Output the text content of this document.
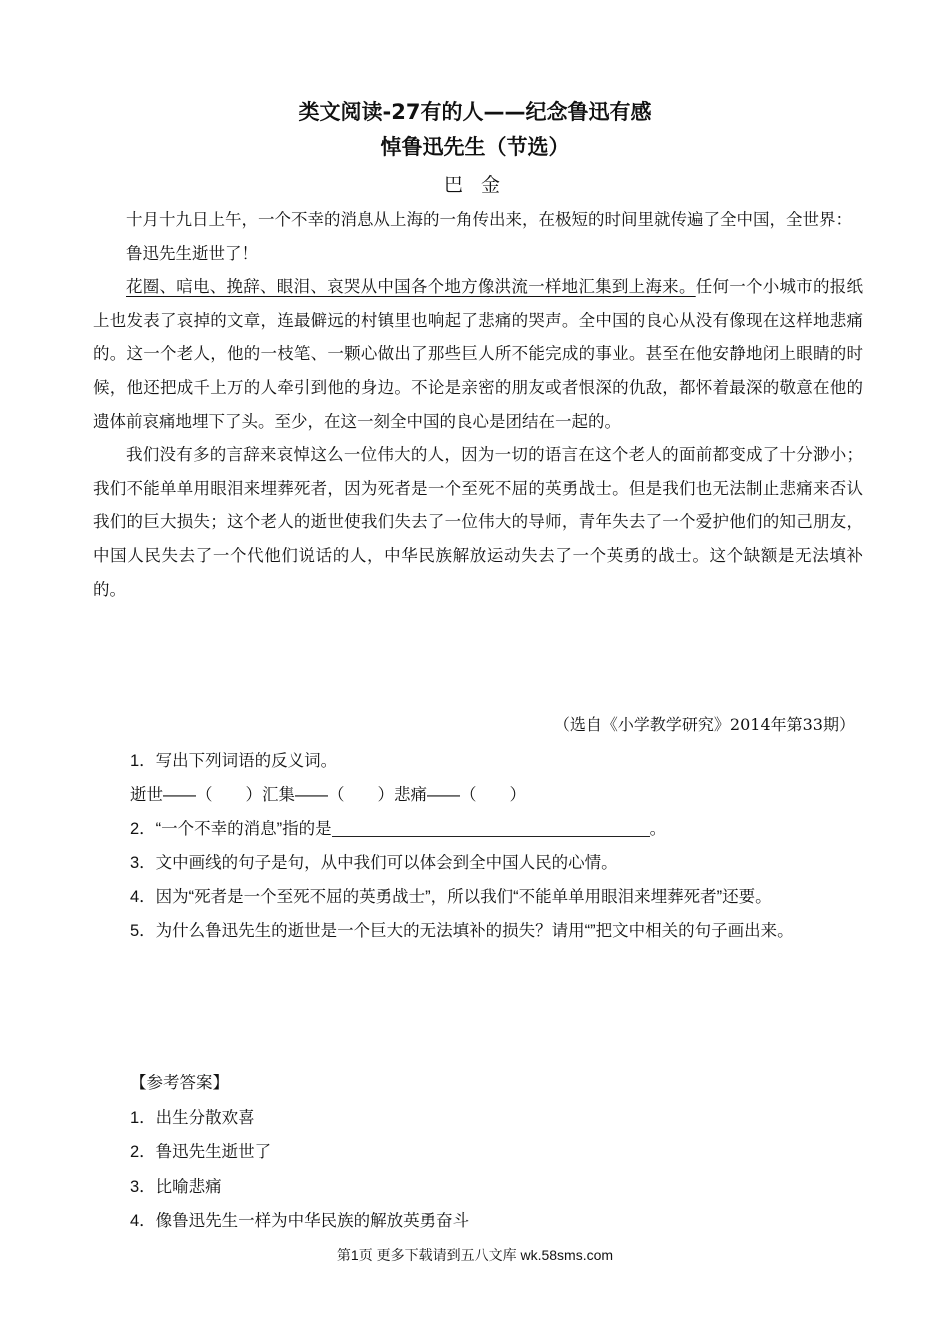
类文阅读-27有的人——纪念鲁迅有感
悼鲁迅先生（节选）
巴 金

十月十九日上午，一个不幸的消息从上海的一角传出来，在极短的时间里就传遍了全中国，全世界：

鲁迅先生逝世了！

花圈、唁电、挽辞、眼泪、哀哭从中国各个地方像洪流一样地汇集到上海来。任何一个小城市的报纸上也发表了哀掉的文章，连最僻远的村镇里也响起了悲痛的哭声。全中国的良心从没有像现在这样地悲痛的。这一个老人，他的一枝笔、一颗心做出了那些巨人所不能完成的事业。甚至在他安静地闭上眼睛的时候，他还把成千上万的人牵引到他的身边。不论是亲密的朋友或者恨深的仇敌，都怀着最深的敬意在他的遗体前哀痛地埋下了头。至少，在这一刻全中国的良心是团结在一起的。

我们没有多的言辞来哀悼这么一位伟大的人，因为一切的语言在这个老人的面前都变成了十分渺小；我们不能单单用眼泪来埋葬死者，因为死者是一个至死不屈的英勇战士。但是我们也无法制止悲痛来否认我们的巨大损失；这个老人的逝世使我们失去了一位伟大的导师，青年失去了一个爱护他们的知己朋友，中国人民失去了一个代他们说话的人，中华民族解放运动失去了一个英勇的战士。这个缺额是无法填补的。

（选自《小学教学研究》2014年第33期）

1．写出下列词语的反义词。

逝世——（　　）汇集——（　　）悲痛——（　　）

2．“一个不幸的消息”指的是	。

3．文中画线的句子是句，从中我们可以体会到全中国人民的心情。

4．因为“死者是一个至死不屈的英勇战士”，所以我们“不能单单用眼泪来埋葬死者”还要。

5．为什么鲁迅先生的逝世是一个巨大的无法填补的损失？请用“”把文中相关的句子画出来。

【参考答案】

1．出生分散欢喜

2．鲁迅先生逝世了

3．比喻悲痛

4．像鲁迅先生一样为中华民族的解放英勇奋斗

第1页 更多下载请到五八文库 wk.58sms.com
